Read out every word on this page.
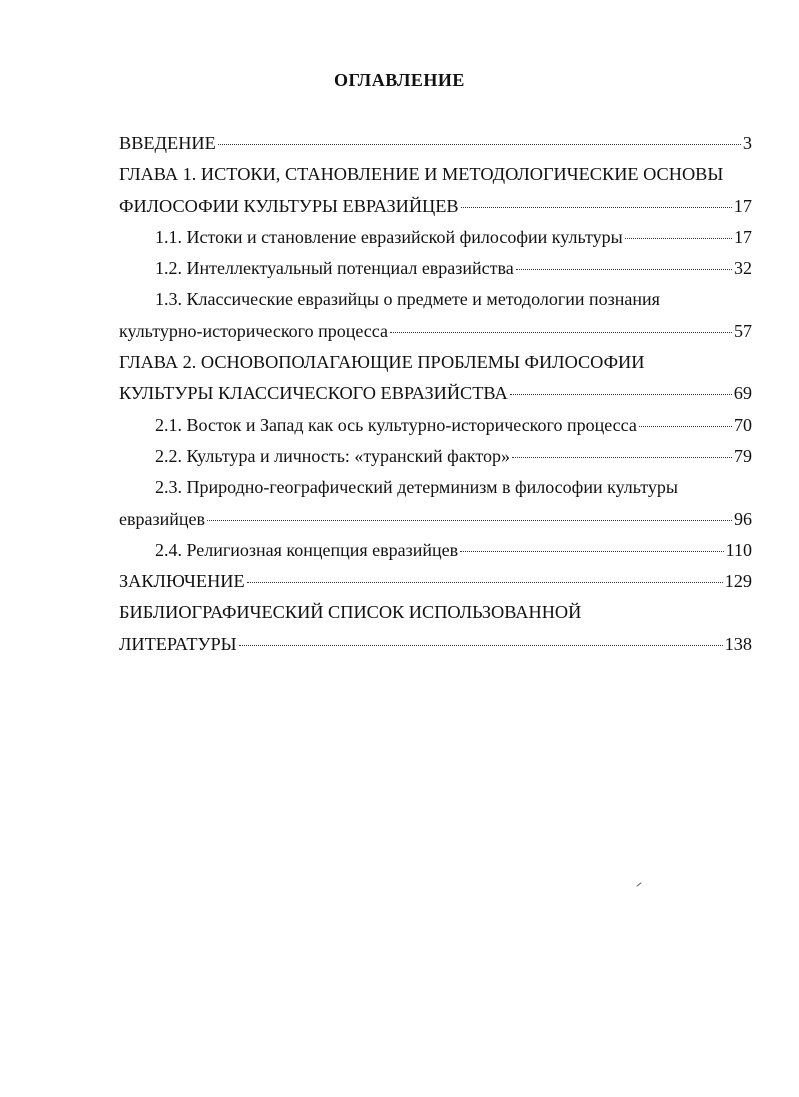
ОГЛАВЛЕНИЕ
ВВЕДЕНИЕ	3
ГЛАВА 1. ИСТОКИ, СТАНОВЛЕНИЕ И МЕТОДОЛОГИЧЕСКИЕ ОСНОВЫ
ФИЛОСОФИИ КУЛЬТУРЫ ЕВРАЗИЙЦЕВ	17
1.1. Истоки и становление евразийской философии культуры	17
1.2. Интеллектуальный потенциал евразийства	32
1.3. Классические евразийцы о предмете и методологии познания
культурно-исторического процесса	57
ГЛАВА 2. ОСНОВОПОЛАГАЮЩИЕ ПРОБЛЕМЫ ФИЛОСОФИИ
КУЛЬТУРЫ КЛАССИЧЕСКОГО ЕВРАЗИЙСТВА	69
2.1. Восток и Запад как ось культурно-исторического процесса	70
2.2. Культура и личность: «туранский фактор»	79
2.3. Природно-географический детерминизм в философии культуры
евразийцев	96
2.4. Религиозная концепция евразийцев	110
ЗАКЛЮЧЕНИЕ	129
БИБЛИОГРАФИЧЕСКИЙ СПИСОК ИСПОЛЬЗОВАННОЙ
ЛИТЕРАТУРЫ	138
